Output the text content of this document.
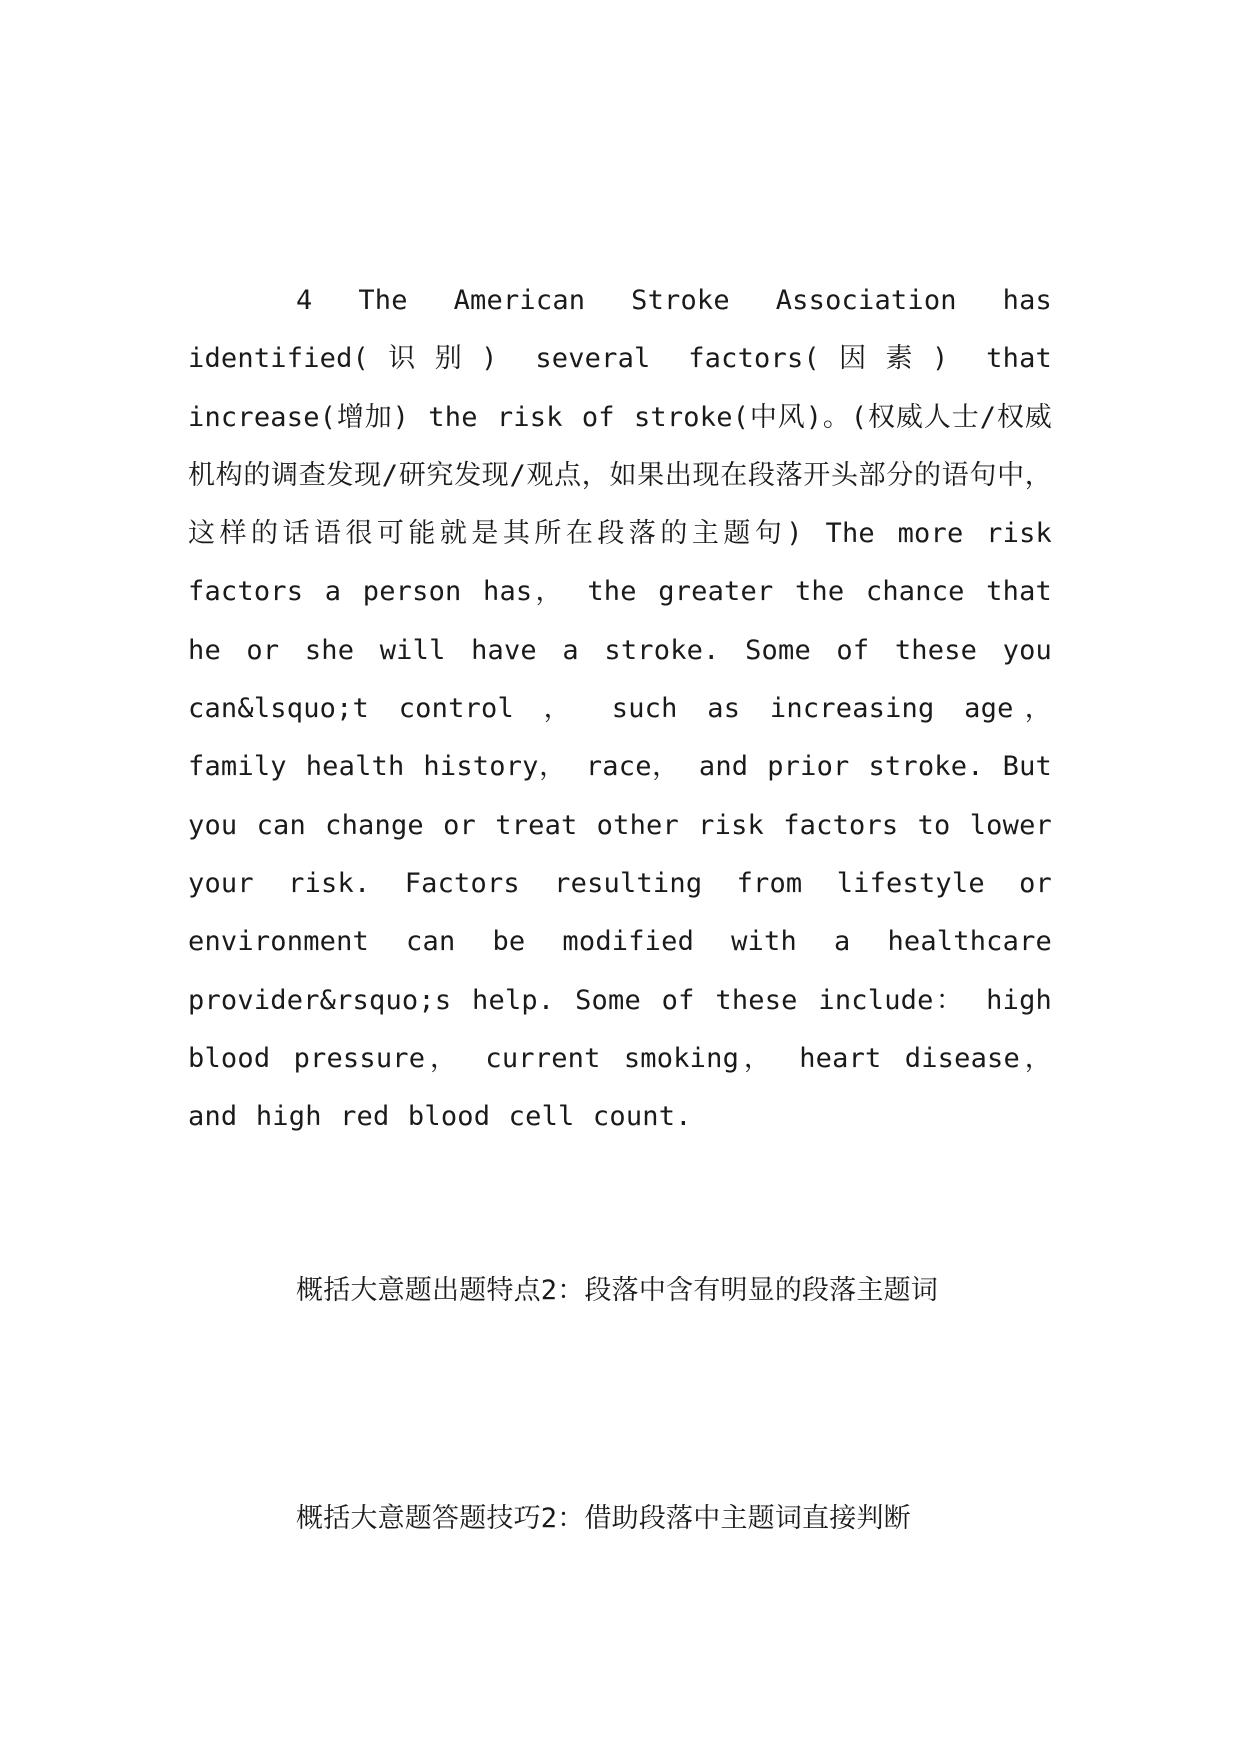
4 The American Stroke Association has identified(识别) several factors(因素) that increase(增加) the risk of stroke(中风)。(权威人士/权威机构的调查发现/研究发现/观点，如果出现在段落开头部分的语句中， 这样的话语很可能就是其所在段落的主题句) The more risk factors a person has， the greater the chance that he or she will have a stroke. Some of these you can&lsquo;t control ， such as increasing age， family health history， race， and prior stroke. But you can change or treat other risk factors to lower your risk. Factors resulting from lifestyle or environment can be modified with a healthcare provider&rsquo;s help. Some of these include： high blood pressure， current smoking， heart disease， and high red blood cell count.

概括大意题出题特点2：段落中含有明显的段落主题词

概括大意题答题技巧2：借助段落中主题词直接判断
